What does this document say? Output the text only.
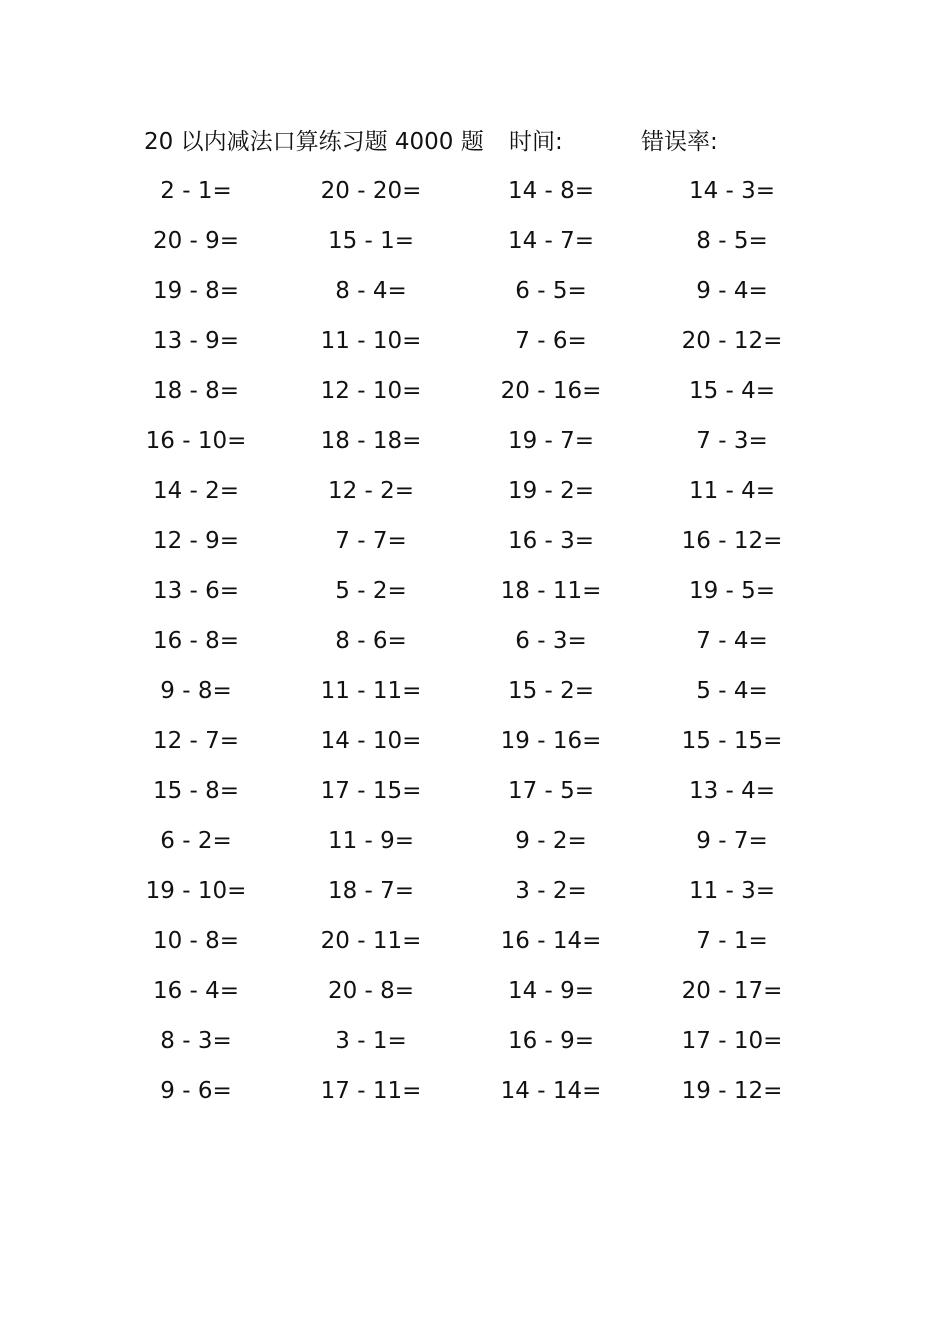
20 以内减法口算练习题 4000 题 时间:	错误率:
2 - 1=	20 - 20=	14 - 8=	14 - 3=
20 - 9=	15 - 1=	14 - 7=	8 - 5=
19 - 8=	8 - 4=	6 - 5=	9 - 4=
13 - 9=	11 - 10=	7 - 6=	20 - 12=
18 - 8=	12 - 10=	20 - 16=	15 - 4=
16 - 10=	18 - 18=	19 - 7=	7 - 3=
14 - 2=	12 - 2=	19 - 2=	11 - 4=
12 - 9=	7 - 7=	16 - 3=	16 - 12=
13 - 6=	5 - 2=	18 - 11=	19 - 5=
16 - 8=	8 - 6=	6 - 3=	7 - 4=
9 - 8=	11 - 11=	15 - 2=	5 - 4=
12 - 7=	14 - 10=	19 - 16=	15 - 15=
15 - 8=	17 - 15=	17 - 5=	13 - 4=
6 - 2=	11 - 9=	9 - 2=	9 - 7=
19 - 10=	18 - 7=	3 - 2=	11 - 3=
10 - 8=	20 - 11=	16 - 14=	7 - 1=
16 - 4=	20 - 8=	14 - 9=	20 - 17=
8 - 3=	3 - 1=	16 - 9=	17 - 10=
9 - 6=	17 - 11=	14 - 14=	19 - 12=
